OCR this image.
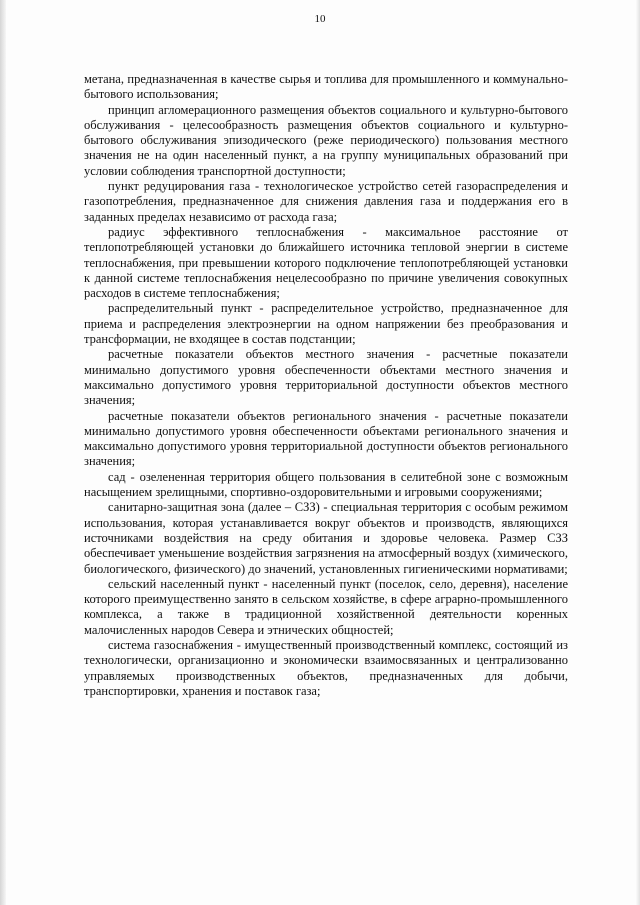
10

метана, предназначенная в качестве сырья и топлива для промышленного и коммунально-бытового использования;

принцип агломерационного размещения объектов социального и культурно-бытового обслуживания - целесообразность размещения объектов социального и культурно-бытового обслуживания эпизодического (реже периодического) пользования местного значения не на один населенный пункт, а на группу муниципальных образований при условии соблюдения транспортной доступности;

пункт редуцирования газа - технологическое устройство сетей газораспределения и газопотребления, предназначенное для снижения давления газа и поддержания его в заданных пределах независимо от расхода газа;

радиус эффективного теплоснабжения - максимальное расстояние от теплопотребляющей установки до ближайшего источника тепловой энергии в системе теплоснабжения, при превышении которого подключение теплопотребляющей установки к данной системе теплоснабжения нецелесообразно по причине увеличения совокупных расходов в системе теплоснабжения;

распределительный пункт - распределительное устройство, предназначенное для приема и распределения электроэнергии на одном напряжении без преобразования и трансформации, не входящее в состав подстанции;

расчетные показатели объектов местного значения - расчетные показатели минимально допустимого уровня обеспеченности объектами местного значения и максимально допустимого уровня территориальной доступности объектов местного значения;

расчетные показатели объектов регионального значения - расчетные показатели минимально допустимого уровня обеспеченности объектами регионального значения и максимально допустимого уровня территориальной доступности объектов регионального значения;

сад - озелененная территория общего пользования в селитебной зоне с возможным насыщением зрелищными, спортивно-оздоровительными и игровыми сооружениями;

санитарно-защитная зона (далее – СЗЗ) - специальная территория с особым режимом использования, которая устанавливается вокруг объектов и производств, являющихся источниками воздействия на среду обитания и здоровье человека. Размер СЗЗ обеспечивает уменьшение воздействия загрязнения на атмосферный воздух (химического, биологического, физического) до значений, установленных гигиеническими нормативами;

сельский населенный пункт - населенный пункт (поселок, село, деревня), население которого преимущественно занято в сельском хозяйстве, в сфере аграрно-промышленного комплекса, а также в традиционной хозяйственной деятельности коренных малочисленных народов Севера и этнических общностей;

система газоснабжения - имущественный производственный комплекс, состоящий из технологически, организационно и экономически взаимосвязанных и централизованно управляемых производственных объектов, предназначенных для добычи, транспортировки, хранения и поставок газа;
